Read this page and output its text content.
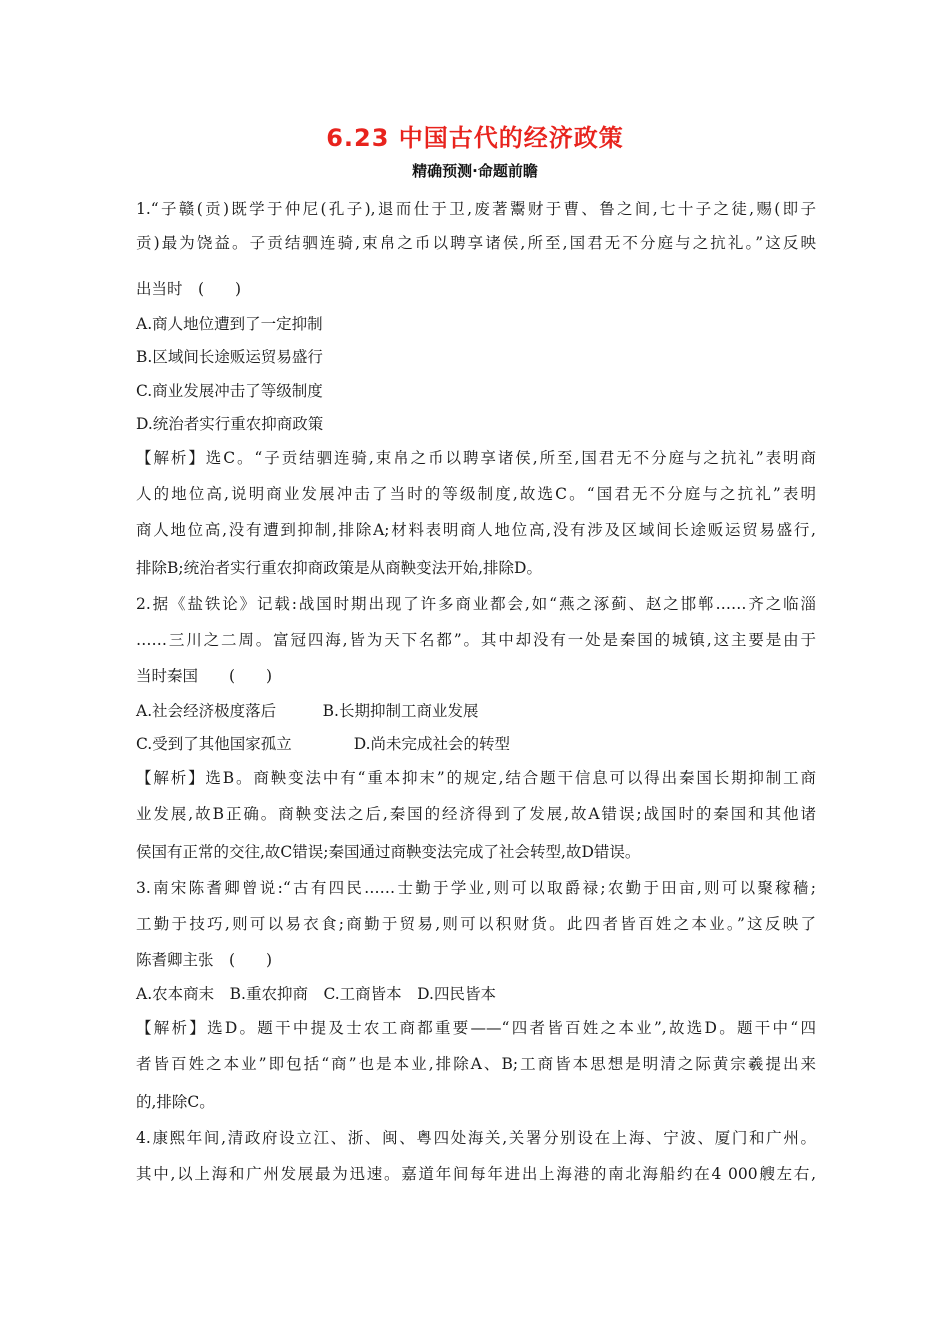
6.23 中国古代的经济政策
精确预测·命题前瞻
1.“子赣(贡)既学于仲尼(孔子),退而仕于卫,废著鬻财于曹、鲁之间,七十子之徒,赐(即子
贡)最为饶益。子贡结驷连骑,束帛之币以聘享诸侯,所至,国君无不分庭与之抗礼。”这反映
出当时　(　　)
A.商人地位遭到了一定抑制
B.区域间长途贩运贸易盛行
C.商业发展冲击了等级制度
D.统治者实行重农抑商政策
【解析】选C。“子贡结驷连骑,束帛之币以聘享诸侯,所至,国君无不分庭与之抗礼”表明商
人的地位高,说明商业发展冲击了当时的等级制度,故选C。“国君无不分庭与之抗礼”表明
商人地位高,没有遭到抑制,排除A;材料表明商人地位高,没有涉及区域间长途贩运贸易盛行,
排除B;统治者实行重农抑商政策是从商鞅变法开始,排除D。
2.据《盐铁论》记载:战国时期出现了许多商业都会,如“燕之涿蓟、赵之邯郸……齐之临淄
……三川之二周。富冠四海,皆为天下名都”。其中却没有一处是秦国的城镇,这主要是由于
当时秦国　　(　　)
A.社会经济极度落后　　　B.长期抑制工商业发展
C.受到了其他国家孤立　　　　D.尚未完成社会的转型
【解析】选B。商鞅变法中有“重本抑末”的规定,结合题干信息可以得出秦国长期抑制工商
业发展,故B正确。商鞅变法之后,秦国的经济得到了发展,故A错误;战国时的秦国和其他诸
侯国有正常的交往,故C错误;秦国通过商鞅变法完成了社会转型,故D错误。
3.南宋陈耆卿曾说:“古有四民……士勤于学业,则可以取爵禄;农勤于田亩,则可以聚稼穑;
工勤于技巧,则可以易衣食;商勤于贸易,则可以积财货。此四者皆百姓之本业。”这反映了
陈耆卿主张　(　　)
A.农本商末　B.重农抑商　C.工商皆本　D.四民皆本
【解析】选D。题干中提及士农工商都重要——“四者皆百姓之本业”,故选D。题干中“四
者皆百姓之本业”即包括“商”也是本业,排除A、B;工商皆本思想是明清之际黄宗羲提出来
的,排除C。
4.康熙年间,清政府设立江、浙、闽、粤四处海关,关署分别设在上海、宁波、厦门和广州。
其中,以上海和广州发展最为迅速。嘉道年间每年进出上海港的南北海船约在4 000艘左右,
